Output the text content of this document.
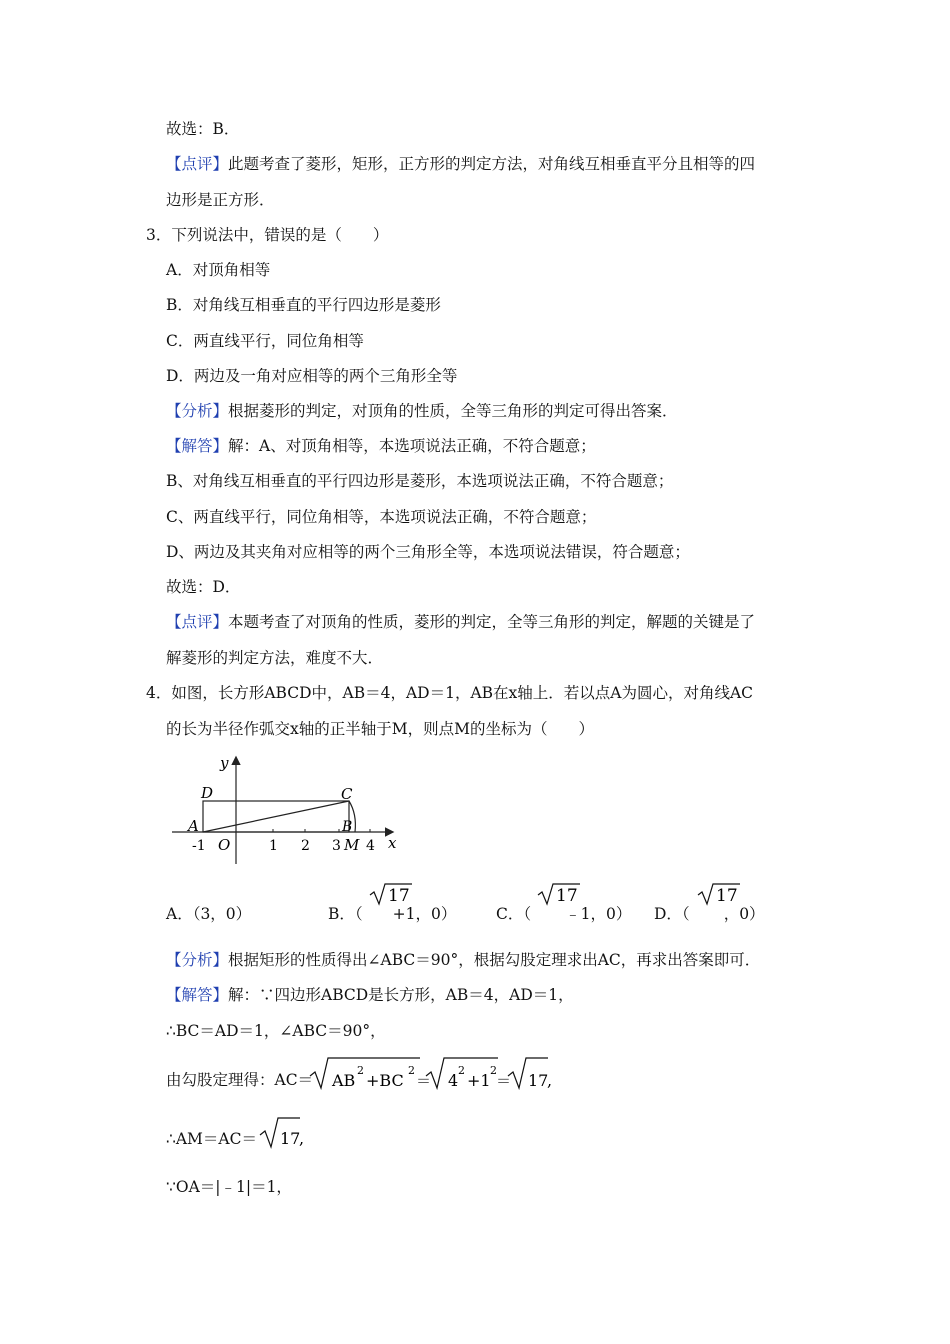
故选：B．
【点评】此题考查了菱形，矩形，正方形的判定方法，对角线互相垂直平分且相等的四
边形是正方形．
3．下列说法中，错误的是（　　）
A．对顶角相等
B．对角线互相垂直的平行四边形是菱形
C．两直线平行，同位角相等
D．两边及一角对应相等的两个三角形全等
【分析】根据菱形的判定，对顶角的性质，全等三角形的判定可得出答案．
【解答】解：A、对顶角相等，本选项说法正确，不符合题意；
B、对角线互相垂直的平行四边形是菱形，本选项说法正确，不符合题意；
C、两直线平行，同位角相等，本选项说法正确，不符合题意；
D、两边及其夹角对应相等的两个三角形全等，本选项说法错误，符合题意；
故选：D．
【点评】本题考查了对顶角的性质，菱形的判定，全等三角形的判定，解题的关键是了
解菱形的判定方法，难度不大．
4．如图，长方形ABCD中，AB＝4，AD＝1，AB在x轴上．若以点A为圆心，对角线AC
的长为半径作弧交x轴的正半轴于M，则点M的坐标为（　　）
y
x
D	C
A	B
O	M
-1	1 2 3 4
A．（3，0）	B．（ +1，0）
17
C．（ ﹣1，0）
17
D．（ ，0）
17
【分析】根据矩形的性质得出∠ABC＝90°，根据勾股定理求出AC，再求出答案即可．
【解答】解：∵四边形ABCD是长方形，AB＝4，AD＝1，
∴BC＝AD＝1，∠ABC＝90°，
由勾股定理得：AC＝ AB
2
+BC
2
＝ 4
2
+1
2
＝ 17
,
∴AM＝AC＝ 17
,
∵OA＝|﹣1|＝1，
